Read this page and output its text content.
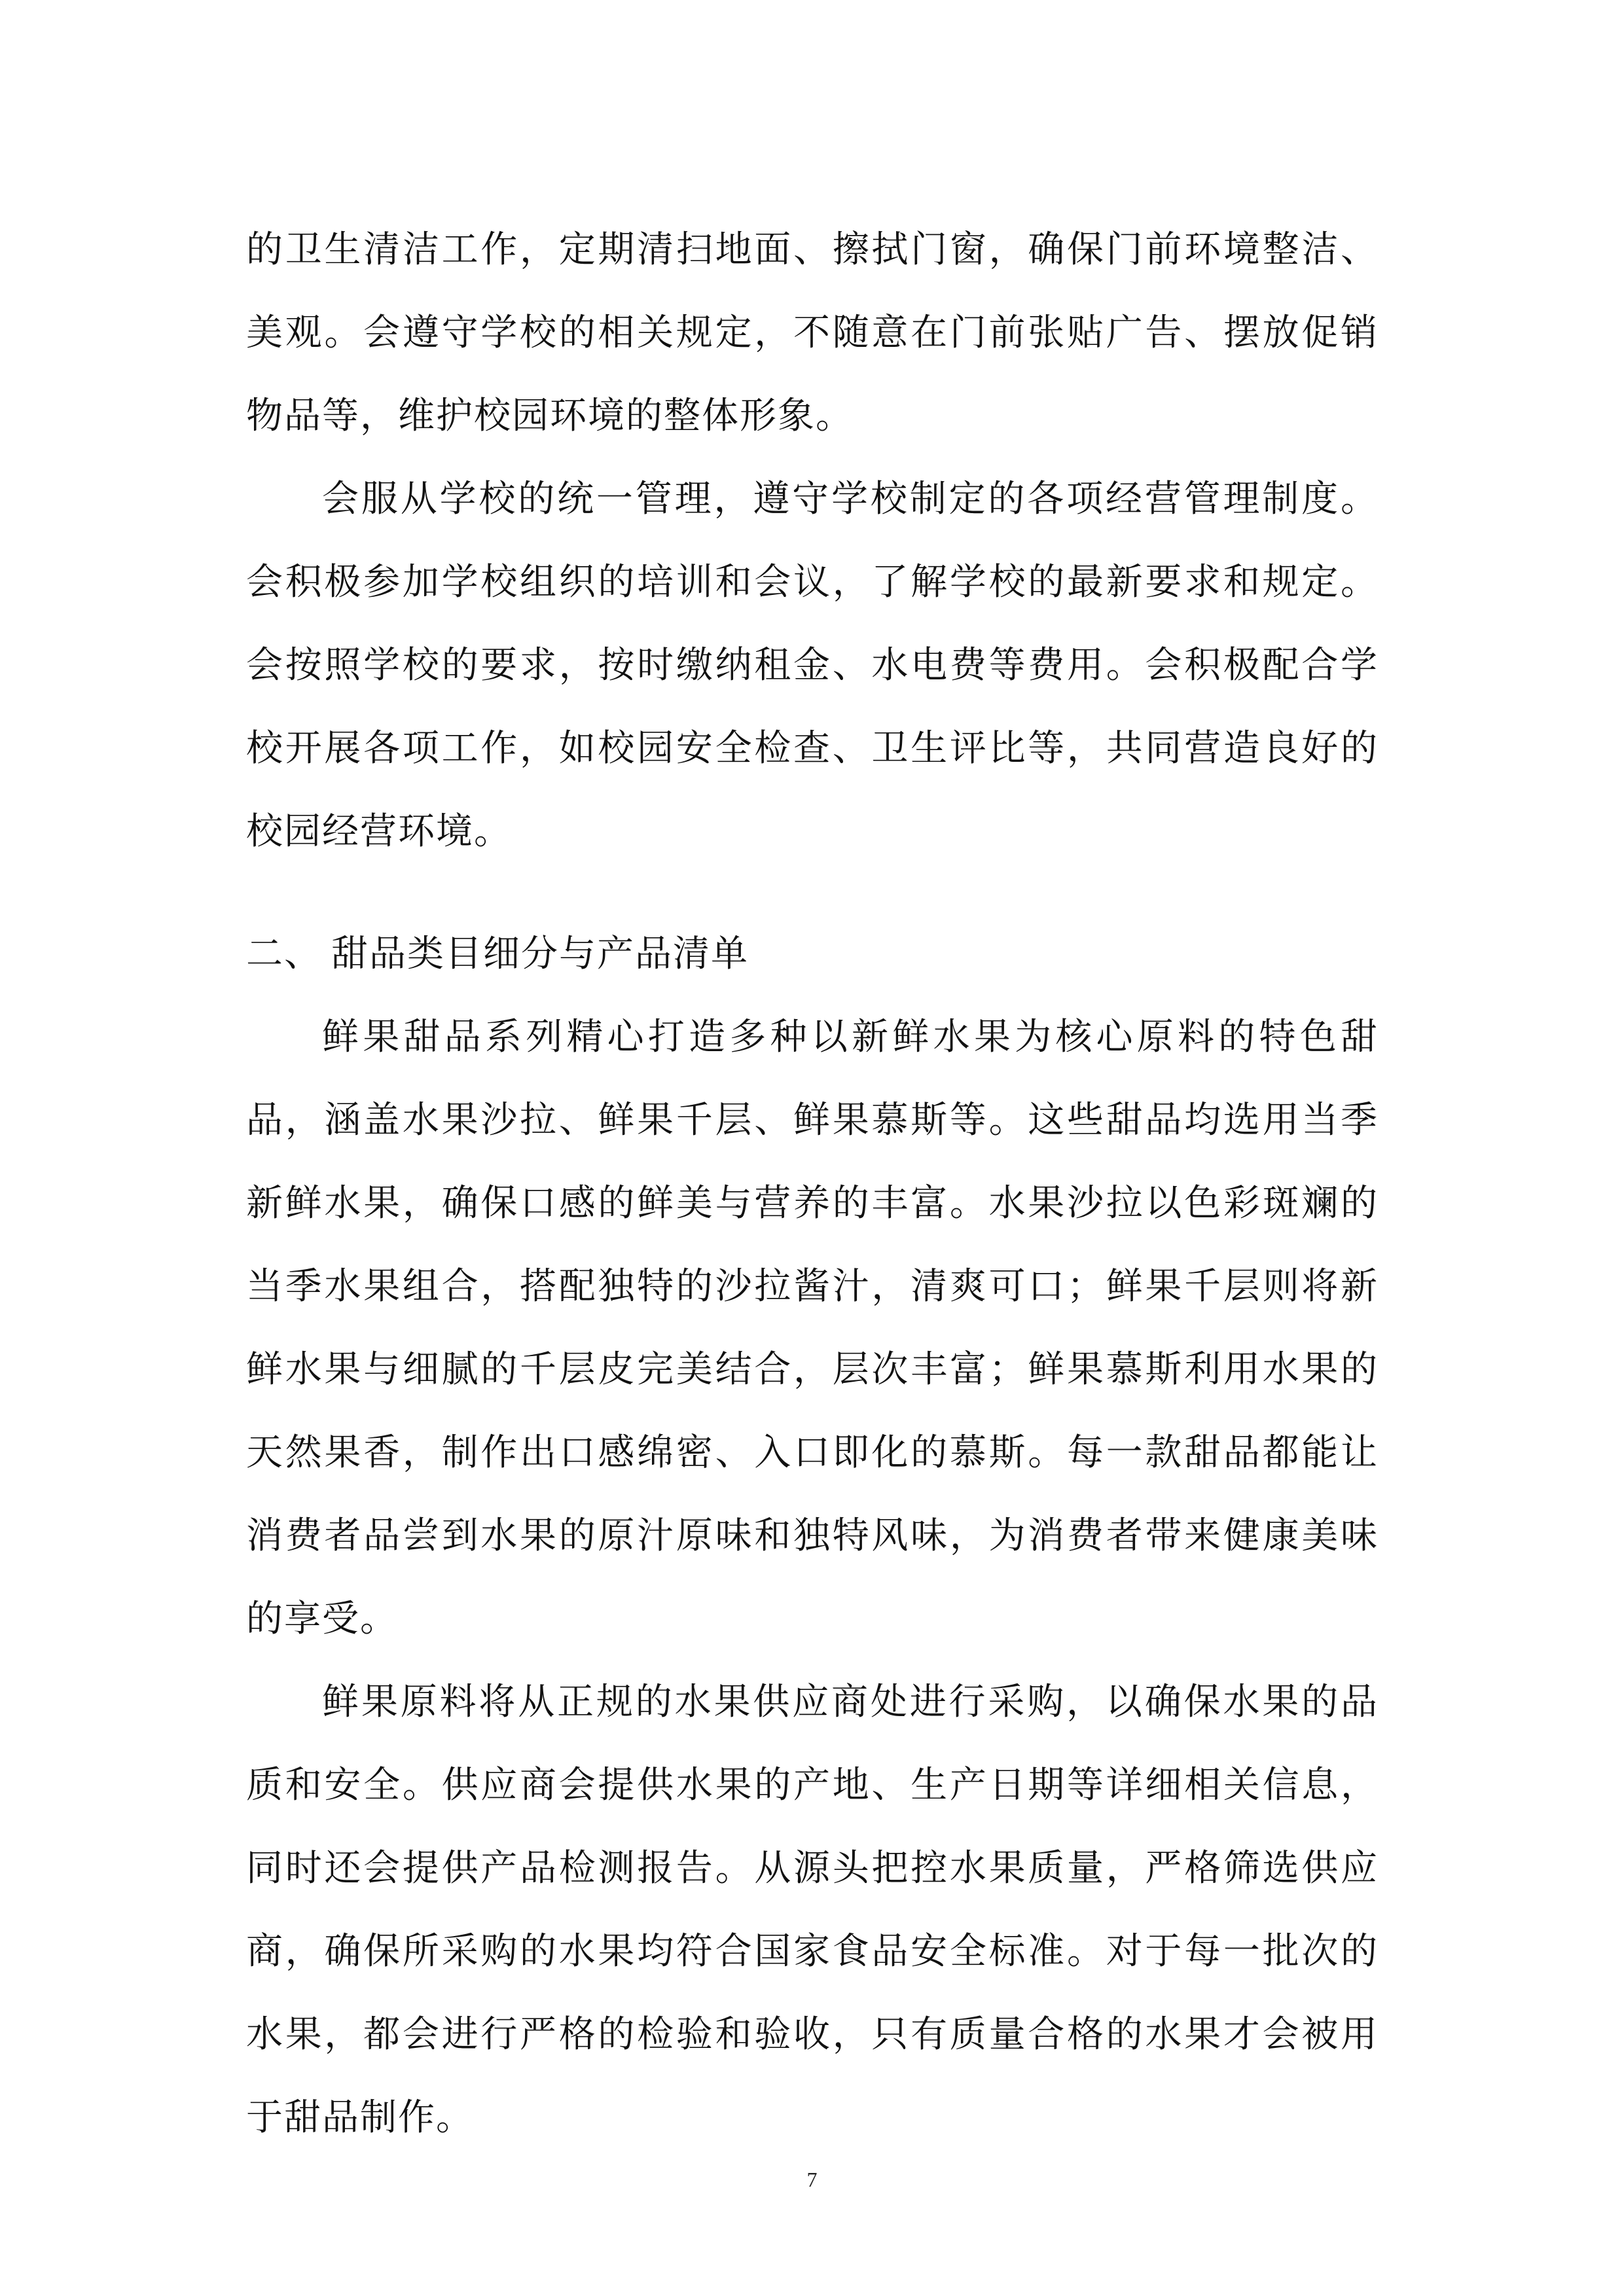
的卫生清洁工作，定期清扫地面、擦拭门窗，确保门前环境整洁、美观。会遵守学校的相关规定，不随意在门前张贴广告、摆放促销物品等，维护校园环境的整体形象。

会服从学校的统一管理，遵守学校制定的各项经营管理制度。会积极参加学校组织的培训和会议，了解学校的最新要求和规定。会按照学校的要求，按时缴纳租金、水电费等费用。会积极配合学校开展各项工作，如校园安全检查、卫生评比等，共同营造良好的校园经营环境。

二、 甜品类目细分与产品清单

鲜果甜品系列精心打造多种以新鲜水果为核心原料的特色甜品，涵盖水果沙拉、鲜果千层、鲜果慕斯等。这些甜品均选用当季新鲜水果，确保口感的鲜美与营养的丰富。水果沙拉以色彩斑斓的当季水果组合，搭配独特的沙拉酱汁，清爽可口；鲜果千层则将新鲜水果与细腻的千层皮完美结合，层次丰富；鲜果慕斯利用水果的天然果香，制作出口感绵密、入口即化的慕斯。每一款甜品都能让消费者品尝到水果的原汁原味和独特风味，为消费者带来健康美味的享受。

鲜果原料将从正规的水果供应商处进行采购，以确保水果的品质和安全。供应商会提供水果的产地、生产日期等详细相关信息，同时还会提供产品检测报告。从源头把控水果质量，严格筛选供应商，确保所采购的水果均符合国家食品安全标准。对于每一批次的水果，都会进行严格的检验和验收，只有质量合格的水果才会被用于甜品制作。

7
